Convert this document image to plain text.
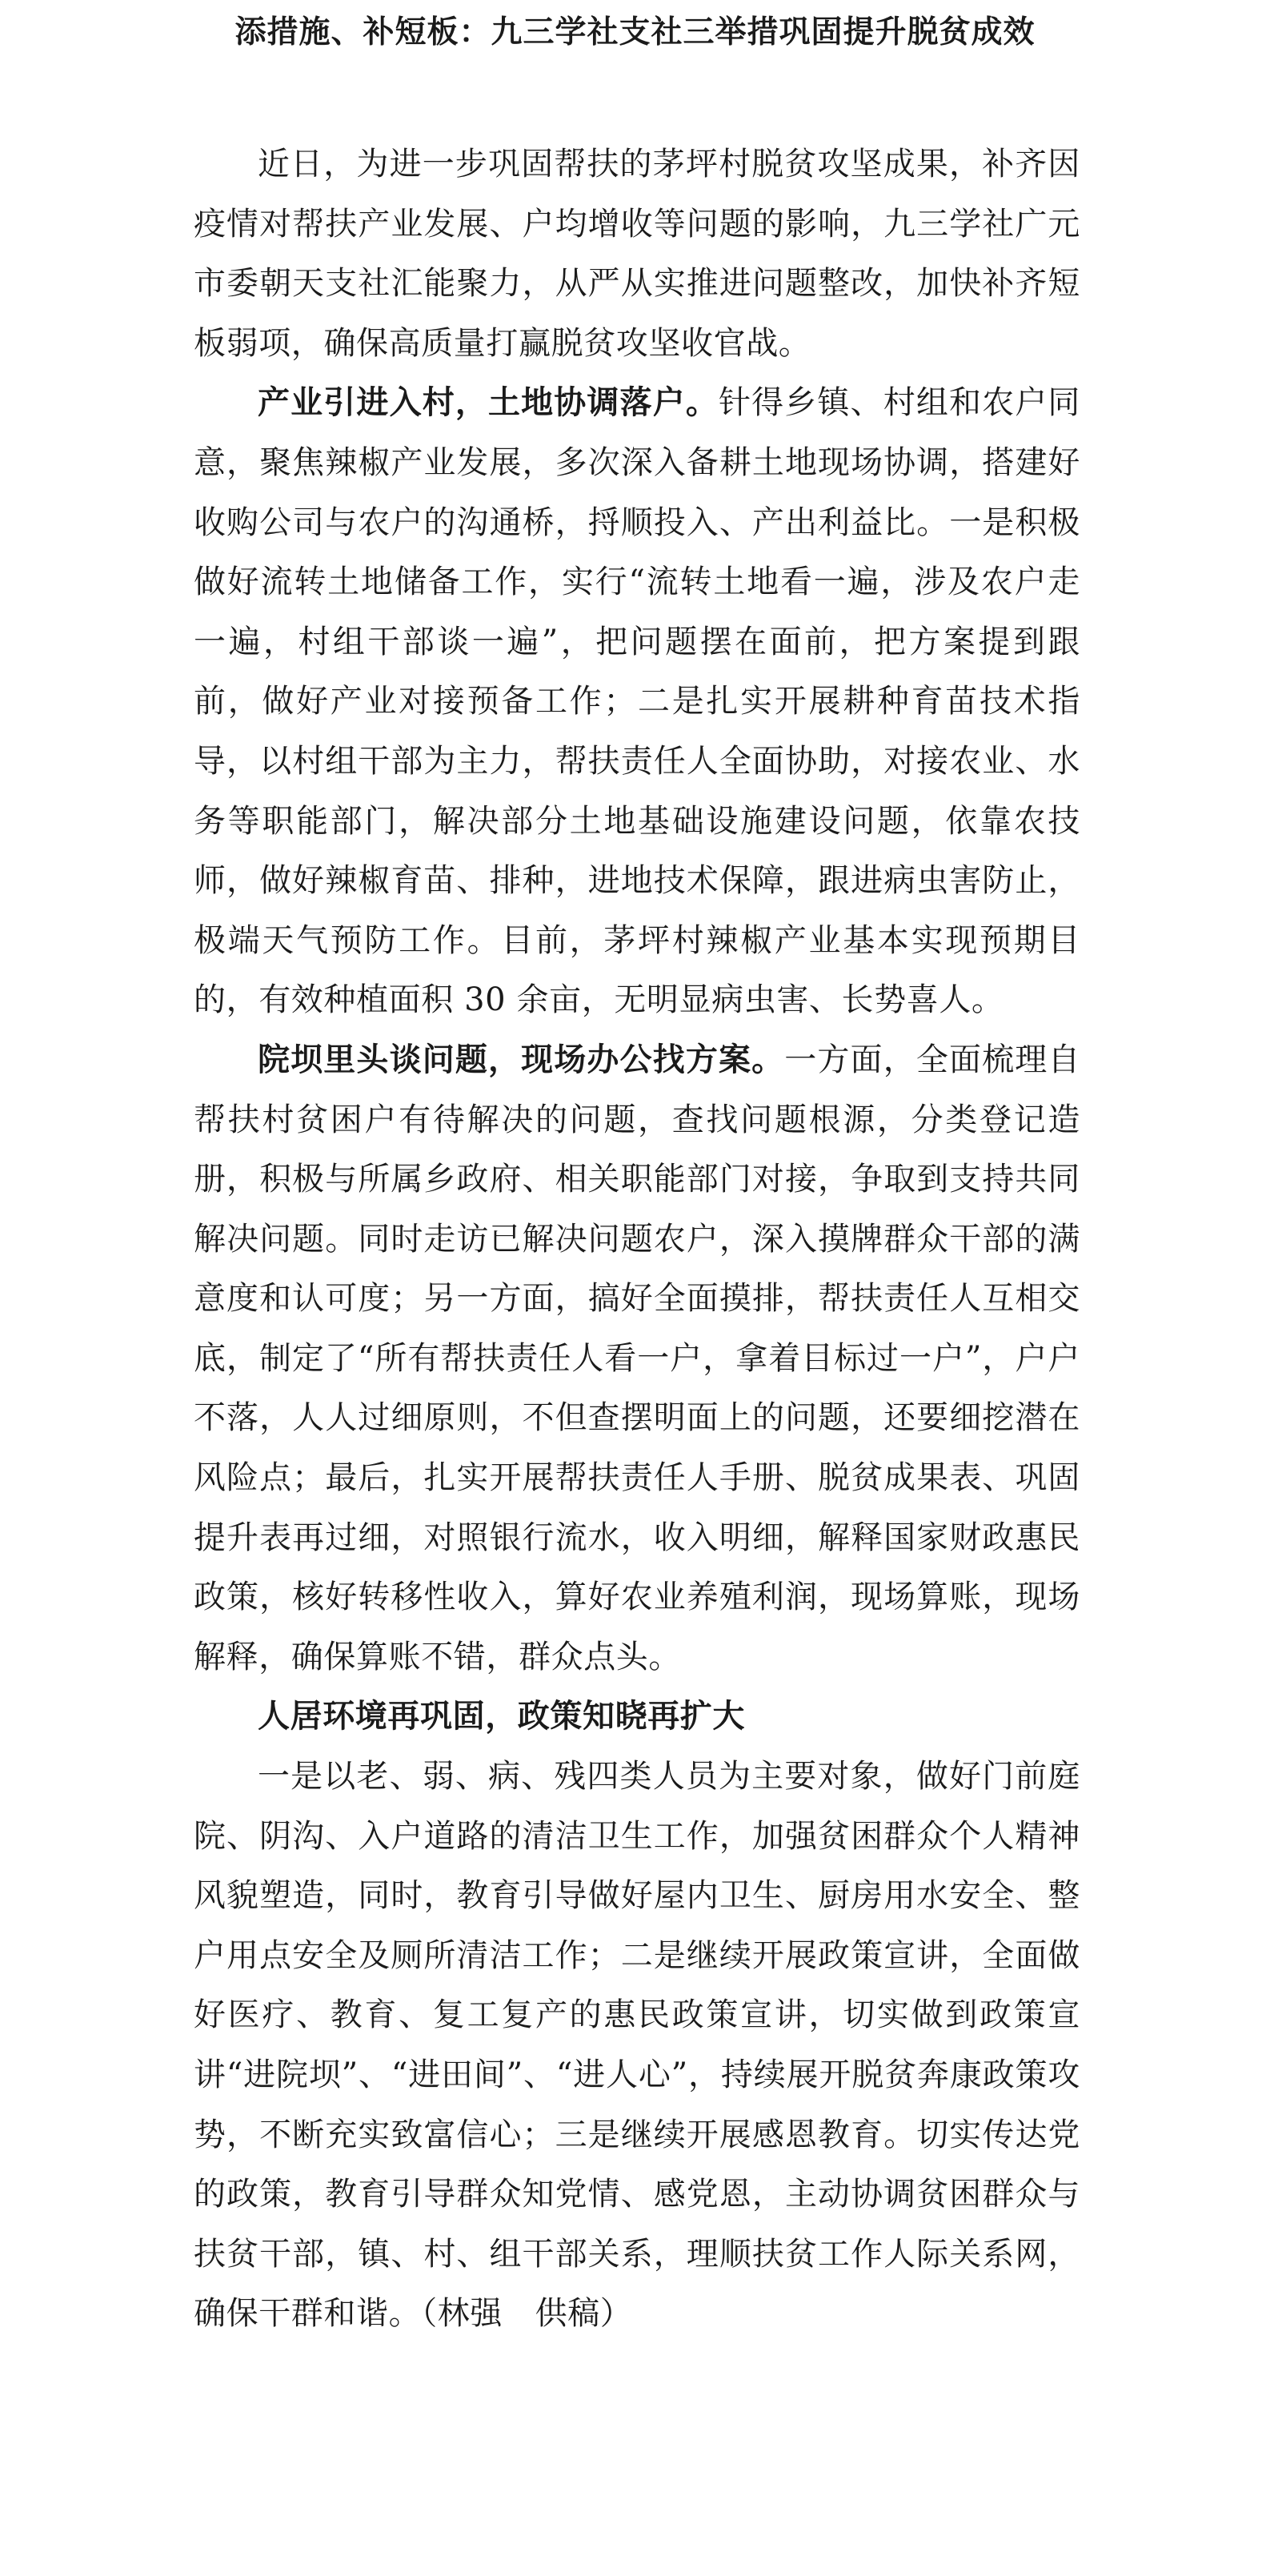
添措施、补短板：九三学社支社三举措巩固提升脱贫成效

近日，为进一步巩固帮扶的茅坪村脱贫攻坚成果，补齐因疫情对帮扶产业发展、户均增收等问题的影响，九三学社广元市委朝天支社汇能聚力，从严从实推进问题整改，加快补齐短板弱项，确保高质量打赢脱贫攻坚收官战。

产业引进入村，土地协调落户。针得乡镇、村组和农户同意，聚焦辣椒产业发展，多次深入备耕土地现场协调，搭建好收购公司与农户的沟通桥，捋顺投入、产出利益比。一是积极做好流转土地储备工作，实行“流转土地看一遍，涉及农户走一遍，村组干部谈一遍”，把问题摆在面前，把方案提到跟前，做好产业对接预备工作；二是扎实开展耕种育苗技术指导，以村组干部为主力，帮扶责任人全面协助，对接农业、水务等职能部门，解决部分土地基础设施建设问题，依靠农技师，做好辣椒育苗、排种，进地技术保障，跟进病虫害防止，极端天气预防工作。目前，茅坪村辣椒产业基本实现预期目的，有效种植面积 30 余亩，无明显病虫害、长势喜人。

院坝里头谈问题，现场办公找方案。一方面，全面梳理自帮扶村贫困户有待解决的问题，查找问题根源，分类登记造册，积极与所属乡政府、相关职能部门对接，争取到支持共同解决问题。同时走访已解决问题农户，深入摸牌群众干部的满意度和认可度；另一方面，搞好全面摸排，帮扶责任人互相交底，制定了“所有帮扶责任人看一户，拿着目标过一户”，户户不落，人人过细原则，不但查摆明面上的问题，还要细挖潜在风险点；最后，扎实开展帮扶责任人手册、脱贫成果表、巩固提升表再过细，对照银行流水，收入明细，解释国家财政惠民政策，核好转移性收入，算好农业养殖利润，现场算账，现场解释，确保算账不错，群众点头。

人居环境再巩固，政策知晓再扩大

一是以老、弱、病、残四类人员为主要对象，做好门前庭院、阴沟、入户道路的清洁卫生工作，加强贫困群众个人精神风貌塑造，同时，教育引导做好屋内卫生、厨房用水安全、整户用点安全及厕所清洁工作；二是继续开展政策宣讲，全面做好医疗、教育、复工复产的惠民政策宣讲，切实做到政策宣讲“进院坝”、“进田间”、“进人心”，持续展开脱贫奔康政策攻势，不断充实致富信心；三是继续开展感恩教育。切实传达党的政策，教育引导群众知党情、感党恩，主动协调贫困群众与扶贫干部，镇、村、组干部关系，理顺扶贫工作人际关系网，确保干群和谐。（林强　供稿）
